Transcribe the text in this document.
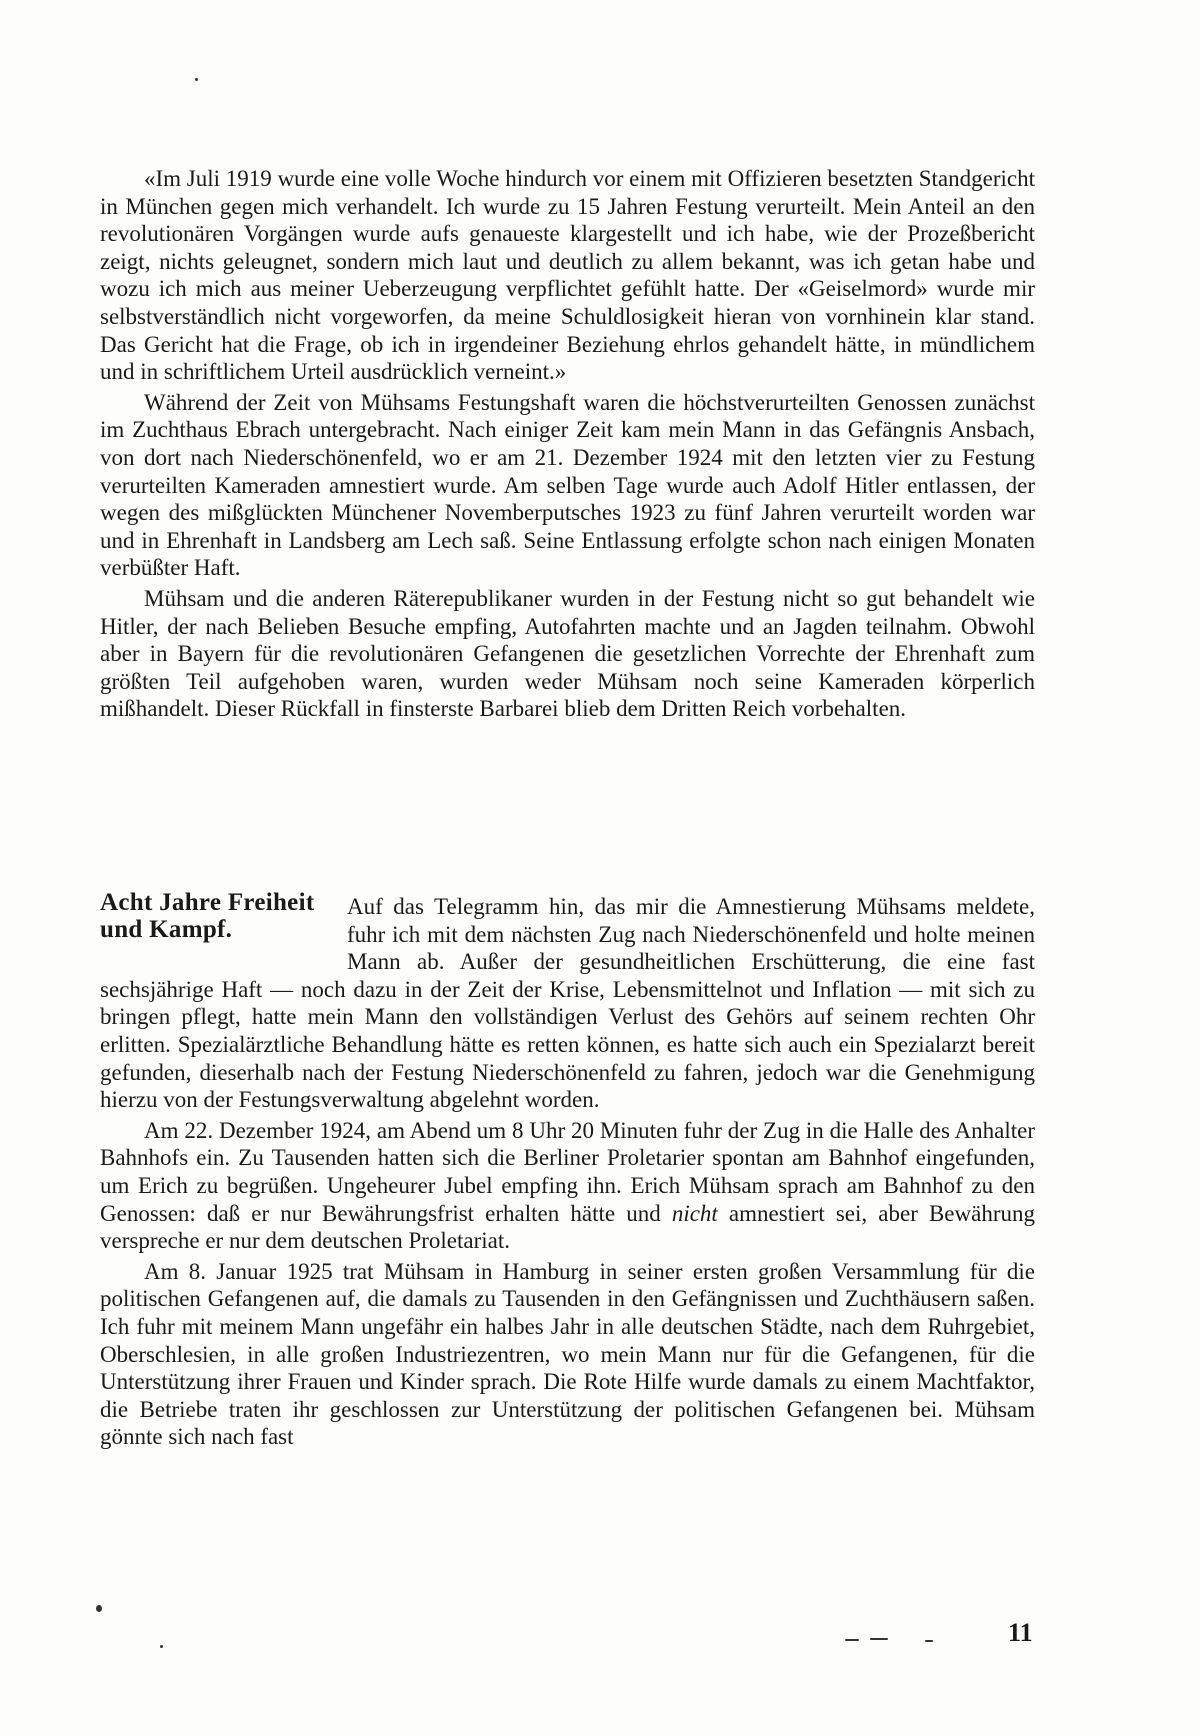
«Im Juli 1919 wurde eine volle Woche hindurch vor einem mit Offizieren besetzten Standgericht in München gegen mich verhandelt. Ich wurde zu 15 Jahren Festung verurteilt. Mein Anteil an den revolutionären Vorgängen wurde aufs genaueste klargestellt und ich habe, wie der Prozeßbericht zeigt, nichts geleugnet, sondern mich laut und deutlich zu allem bekannt, was ich getan habe und wozu ich mich aus meiner Ueberzeugung verpflichtet gefühlt hatte. Der «Geiselmord» wurde mir selbstverständlich nicht vorgeworfen, da meine Schuldlosigkeit hieran von vornhinein klar stand. Das Gericht hat die Frage, ob ich in irgendeiner Beziehung ehrlos gehandelt hätte, in mündlichem und in schriftlichem Urteil ausdrücklich verneint.»

Während der Zeit von Mühsams Festungshaft waren die höchstverurteilten Genossen zunächst im Zuchthaus Ebrach untergebracht. Nach einiger Zeit kam mein Mann in das Gefängnis Ansbach, von dort nach Niederschönenfeld, wo er am 21. Dezember 1924 mit den letzten vier zu Festung verurteilten Kameraden amnestiert wurde. Am selben Tage wurde auch Adolf Hitler entlassen, der wegen des mißglückten Münchener Novemberputsches 1923 zu fünf Jahren verurteilt worden war und in Ehrenhaft in Landsberg am Lech saß. Seine Entlassung erfolgte schon nach einigen Monaten verbüßter Haft.

Mühsam und die anderen Räterepublikaner wurden in der Festung nicht so gut behandelt wie Hitler, der nach Belieben Besuche empfing, Autofahrten machte und an Jagden teilnahm. Obwohl aber in Bayern für die revolutionären Gefangenen die gesetzlichen Vorrechte der Ehrenhaft zum größten Teil aufgehoben waren, wurden weder Mühsam noch seine Kameraden körperlich mißhandelt. Dieser Rückfall in finsterste Barbarei blieb dem Dritten Reich vorbehalten.

Acht Jahre Freiheit und Kampf.
Auf das Telegramm hin, das mir die Amnestierung Mühsams meldete, fuhr ich mit dem nächsten Zug nach Niederschönenfeld und holte meinen Mann ab. Außer der gesundheitlichen Erschütterung, die eine fast sechsjährige Haft — noch dazu in der Zeit der Krise, Lebensmittelnot und Inflation — mit sich zu bringen pflegt, hatte mein Mann den vollständigen Verlust des Gehörs auf seinem rechten Ohr erlitten. Spezialärztliche Behandlung hätte es retten können, es hatte sich auch ein Spezialarzt bereit gefunden, dieserhalb nach der Festung Niederschönenfeld zu fahren, jedoch war die Genehmigung hierzu von der Festungsverwaltung abgelehnt worden.

Am 22. Dezember 1924, am Abend um 8 Uhr 20 Minuten fuhr der Zug in die Halle des Anhalter Bahnhofs ein. Zu Tausenden hatten sich die Berliner Proletarier spontan am Bahnhof eingefunden, um Erich zu begrüßen. Ungeheurer Jubel empfing ihn. Erich Mühsam sprach am Bahnhof zu den Genossen: daß er nur Bewährungsfrist erhalten hätte und nicht amnestiert sei, aber Bewährung verspreche er nur dem deutschen Proletariat.

Am 8. Januar 1925 trat Mühsam in Hamburg in seiner ersten großen Versammlung für die politischen Gefangenen auf, die damals zu Tausenden in den Gefängnissen und Zuchthäusern saßen. Ich fuhr mit meinem Mann ungefähr ein halbes Jahr in alle deutschen Städte, nach dem Ruhrgebiet, Oberschlesien, in alle großen Industriezentren, wo mein Mann nur für die Gefangenen, für die Unterstützung ihrer Frauen und Kinder sprach. Die Rote Hilfe wurde damals zu einem Machtfaktor, die Betriebe traten ihr geschlossen zur Unterstützung der politischen Gefangenen bei. Mühsam gönnte sich nach fast

11
